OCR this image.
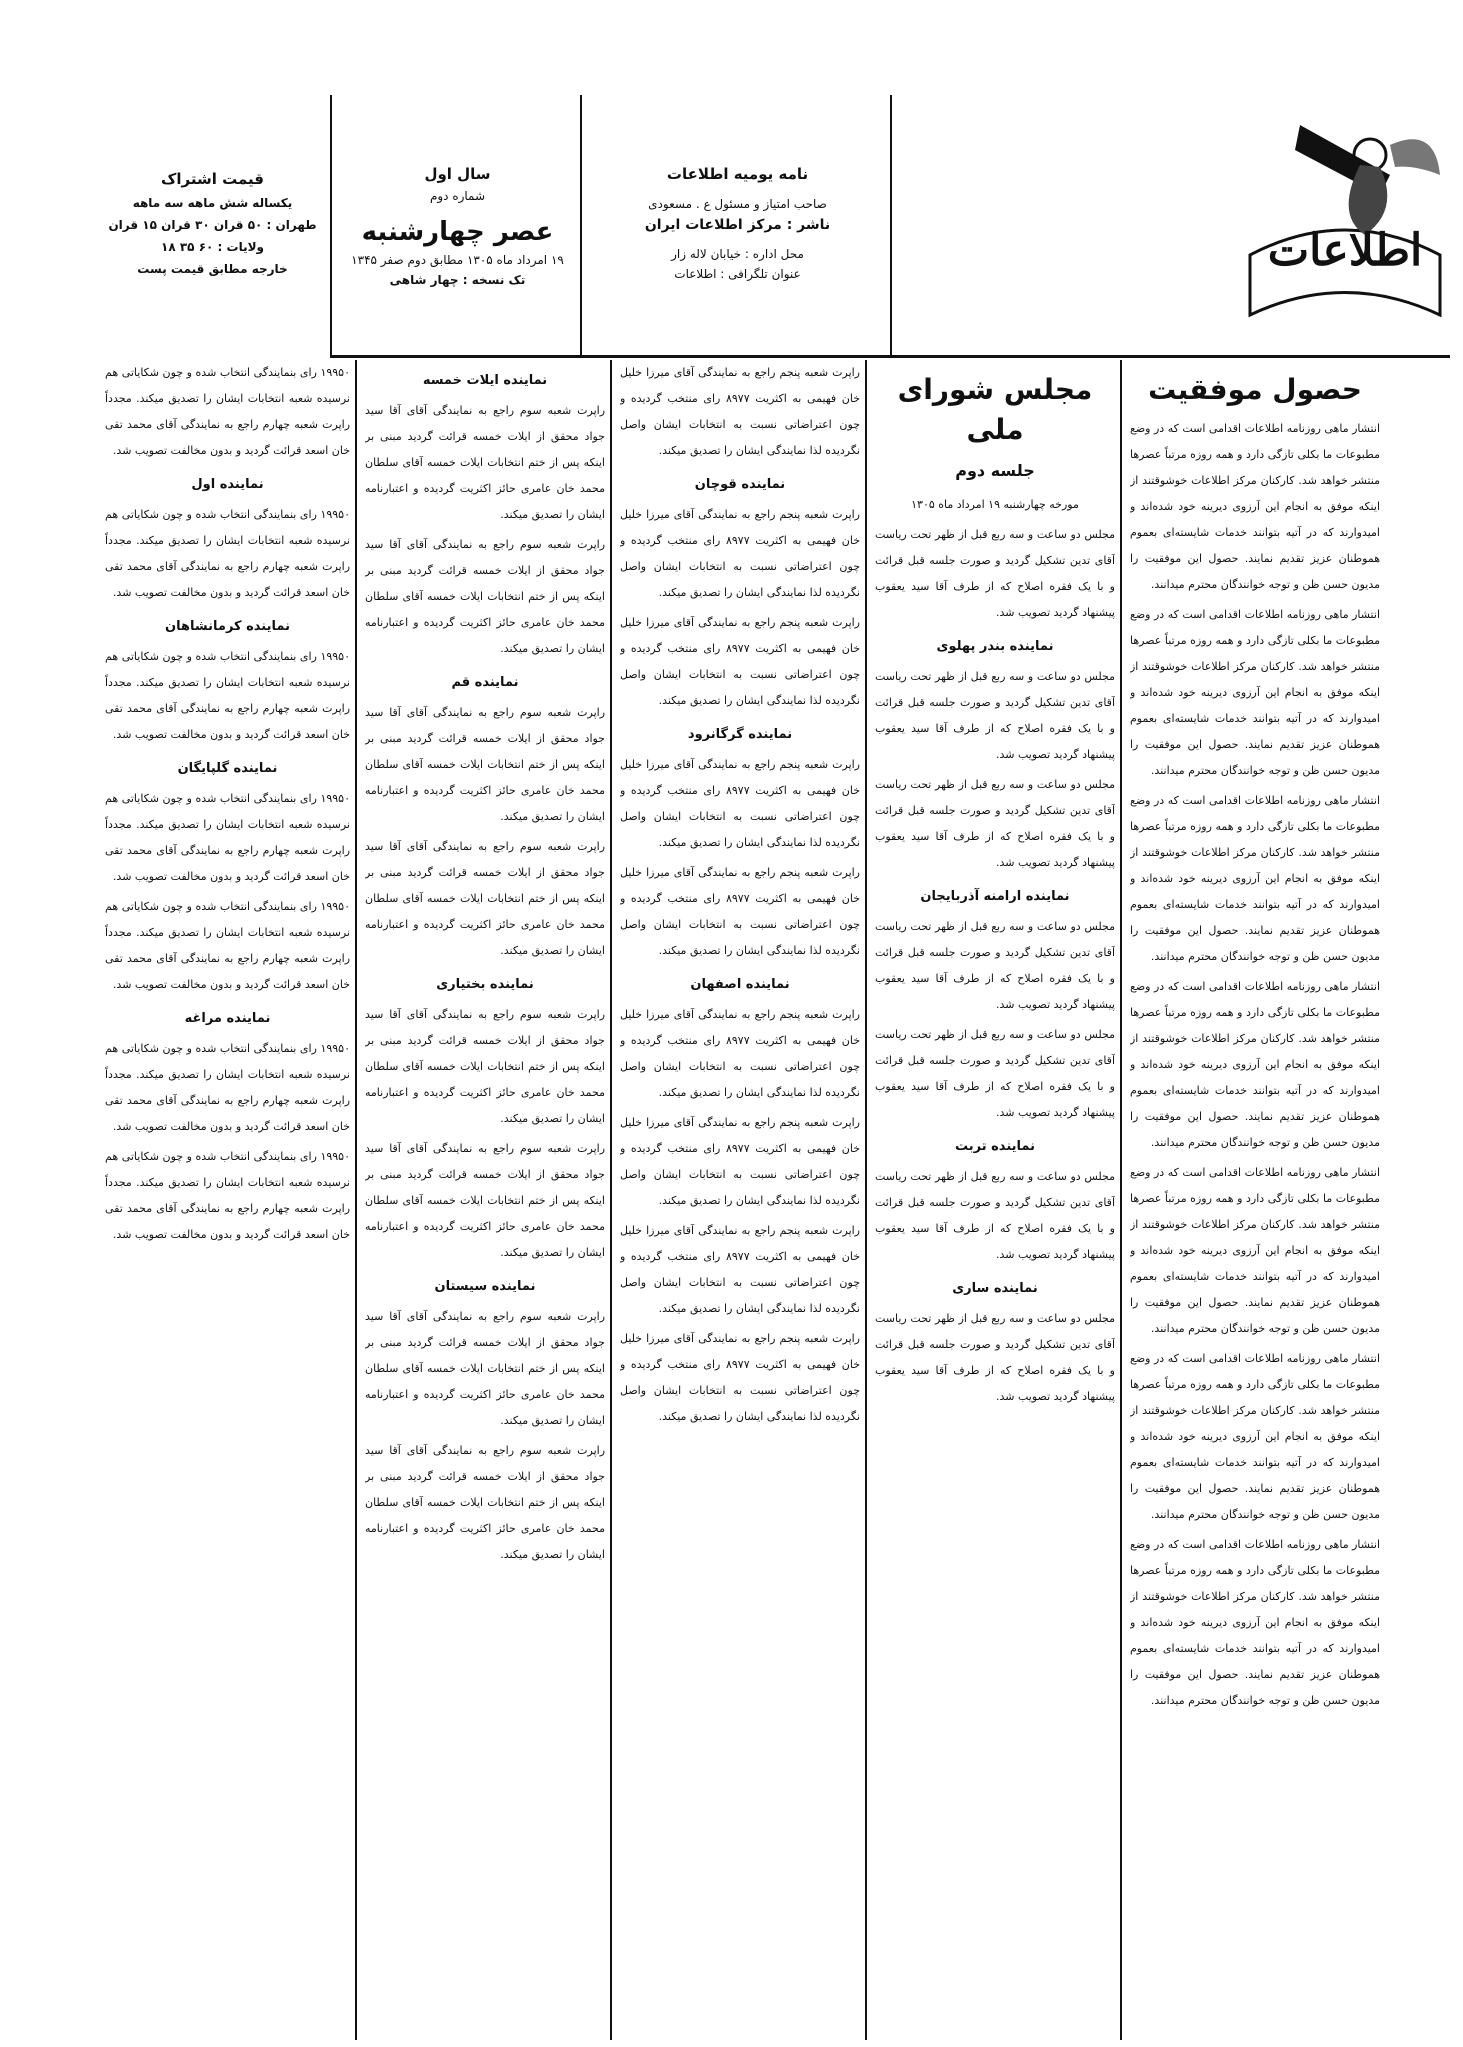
قیمت اشتراک
یکساله شش ماهه سه ماهه
طهران : ۵۰ قران ۳۰ قران ۱۵ قران
ولایات : ۶۰ ۳۵ ۱۸
خارجه مطابق قیمت پست
سال اول
شماره دوم
عصر چهارشنبه
۱۹ امرداد ماه ۱۳۰۵ مطابق دوم صفر ۱۳۴۵
تک نسخه : چهار شاهی
نامه یومیه اطلاعات
صاحب امتیاز و مسئول ع . مسعودی
ناشر : مرکز اطلاعات ایران
محل اداره : خیابان لاله زار
عنوان تلگرافی : اطلاعات	اطلاعات
حصول موفقیت

انتشار ماهی روزنامه اطلاعات اقدامی است که در وضع مطبوعات ما بکلی تازگی دارد و همه روزه مرتباً عصرها منتشر خواهد شد. کارکنان مرکز اطلاعات خوشوقتند از اینکه موفق به انجام این آرزوی دیرینه خود شده‌اند و امیدوارند که در آتیه بتوانند خدمات شایسته‌ای بعموم هموطنان عزیز تقدیم نمایند. حصول این موفقیت را مدیون حسن ظن و توجه خوانندگان محترم میدانند.

انتشار ماهی روزنامه اطلاعات اقدامی است که در وضع مطبوعات ما بکلی تازگی دارد و همه روزه مرتباً عصرها منتشر خواهد شد. کارکنان مرکز اطلاعات خوشوقتند از اینکه موفق به انجام این آرزوی دیرینه خود شده‌اند و امیدوارند که در آتیه بتوانند خدمات شایسته‌ای بعموم هموطنان عزیز تقدیم نمایند. حصول این موفقیت را مدیون حسن ظن و توجه خوانندگان محترم میدانند.

انتشار ماهی روزنامه اطلاعات اقدامی است که در وضع مطبوعات ما بکلی تازگی دارد و همه روزه مرتباً عصرها منتشر خواهد شد. کارکنان مرکز اطلاعات خوشوقتند از اینکه موفق به انجام این آرزوی دیرینه خود شده‌اند و امیدوارند که در آتیه بتوانند خدمات شایسته‌ای بعموم هموطنان عزیز تقدیم نمایند. حصول این موفقیت را مدیون حسن ظن و توجه خوانندگان محترم میدانند.

انتشار ماهی روزنامه اطلاعات اقدامی است که در وضع مطبوعات ما بکلی تازگی دارد و همه روزه مرتباً عصرها منتشر خواهد شد. کارکنان مرکز اطلاعات خوشوقتند از اینکه موفق به انجام این آرزوی دیرینه خود شده‌اند و امیدوارند که در آتیه بتوانند خدمات شایسته‌ای بعموم هموطنان عزیز تقدیم نمایند. حصول این موفقیت را مدیون حسن ظن و توجه خوانندگان محترم میدانند.

انتشار ماهی روزنامه اطلاعات اقدامی است که در وضع مطبوعات ما بکلی تازگی دارد و همه روزه مرتباً عصرها منتشر خواهد شد. کارکنان مرکز اطلاعات خوشوقتند از اینکه موفق به انجام این آرزوی دیرینه خود شده‌اند و امیدوارند که در آتیه بتوانند خدمات شایسته‌ای بعموم هموطنان عزیز تقدیم نمایند. حصول این موفقیت را مدیون حسن ظن و توجه خوانندگان محترم میدانند.

انتشار ماهی روزنامه اطلاعات اقدامی است که در وضع مطبوعات ما بکلی تازگی دارد و همه روزه مرتباً عصرها منتشر خواهد شد. کارکنان مرکز اطلاعات خوشوقتند از اینکه موفق به انجام این آرزوی دیرینه خود شده‌اند و امیدوارند که در آتیه بتوانند خدمات شایسته‌ای بعموم هموطنان عزیز تقدیم نمایند. حصول این موفقیت را مدیون حسن ظن و توجه خوانندگان محترم میدانند.

انتشار ماهی روزنامه اطلاعات اقدامی است که در وضع مطبوعات ما بکلی تازگی دارد و همه روزه مرتباً عصرها منتشر خواهد شد. کارکنان مرکز اطلاعات خوشوقتند از اینکه موفق به انجام این آرزوی دیرینه خود شده‌اند و امیدوارند که در آتیه بتوانند خدمات شایسته‌ای بعموم هموطنان عزیز تقدیم نمایند. حصول این موفقیت را مدیون حسن ظن و توجه خوانندگان محترم میدانند.

مجلس شورای ملی
جلسه دوم
مورخه چهارشنبه ۱۹ امرداد ماه ۱۳۰۵

مجلس دو ساعت و سه ربع قبل از ظهر تحت ریاست آقای تدین تشکیل گردید و صورت جلسه قبل قرائت و با یک فقره اصلاح که از طرف آقا سید یعقوب پیشنهاد گردید تصویب شد.

نماینده بندر پهلوی

مجلس دو ساعت و سه ربع قبل از ظهر تحت ریاست آقای تدین تشکیل گردید و صورت جلسه قبل قرائت و با یک فقره اصلاح که از طرف آقا سید یعقوب پیشنهاد گردید تصویب شد.

مجلس دو ساعت و سه ربع قبل از ظهر تحت ریاست آقای تدین تشکیل گردید و صورت جلسه قبل قرائت و با یک فقره اصلاح که از طرف آقا سید یعقوب پیشنهاد گردید تصویب شد.

نماینده ارامنه آذربایجان

مجلس دو ساعت و سه ربع قبل از ظهر تحت ریاست آقای تدین تشکیل گردید و صورت جلسه قبل قرائت و با یک فقره اصلاح که از طرف آقا سید یعقوب پیشنهاد گردید تصویب شد.

مجلس دو ساعت و سه ربع قبل از ظهر تحت ریاست آقای تدین تشکیل گردید و صورت جلسه قبل قرائت و با یک فقره اصلاح که از طرف آقا سید یعقوب پیشنهاد گردید تصویب شد.

نماینده تربت

مجلس دو ساعت و سه ربع قبل از ظهر تحت ریاست آقای تدین تشکیل گردید و صورت جلسه قبل قرائت و با یک فقره اصلاح که از طرف آقا سید یعقوب پیشنهاد گردید تصویب شد.

نماینده ساری

مجلس دو ساعت و سه ربع قبل از ظهر تحت ریاست آقای تدین تشکیل گردید و صورت جلسه قبل قرائت و با یک فقره اصلاح که از طرف آقا سید یعقوب پیشنهاد گردید تصویب شد.

راپرت شعبه پنجم راجع به نمایندگی آقای میرزا خلیل خان فهیمی به اکثریت ۸۹۷۷ رای منتخب گردیده و چون اعتراضاتی نسبت به انتخابات ایشان واصل نگردیده لذا نمایندگی ایشان را تصدیق میکند.

نماینده قوچان

راپرت شعبه پنجم راجع به نمایندگی آقای میرزا خلیل خان فهیمی به اکثریت ۸۹۷۷ رای منتخب گردیده و چون اعتراضاتی نسبت به انتخابات ایشان واصل نگردیده لذا نمایندگی ایشان را تصدیق میکند.

راپرت شعبه پنجم راجع به نمایندگی آقای میرزا خلیل خان فهیمی به اکثریت ۸۹۷۷ رای منتخب گردیده و چون اعتراضاتی نسبت به انتخابات ایشان واصل نگردیده لذا نمایندگی ایشان را تصدیق میکند.

نماینده گرگانرود

راپرت شعبه پنجم راجع به نمایندگی آقای میرزا خلیل خان فهیمی به اکثریت ۸۹۷۷ رای منتخب گردیده و چون اعتراضاتی نسبت به انتخابات ایشان واصل نگردیده لذا نمایندگی ایشان را تصدیق میکند.

راپرت شعبه پنجم راجع به نمایندگی آقای میرزا خلیل خان فهیمی به اکثریت ۸۹۷۷ رای منتخب گردیده و چون اعتراضاتی نسبت به انتخابات ایشان واصل نگردیده لذا نمایندگی ایشان را تصدیق میکند.

نماینده اصفهان

راپرت شعبه پنجم راجع به نمایندگی آقای میرزا خلیل خان فهیمی به اکثریت ۸۹۷۷ رای منتخب گردیده و چون اعتراضاتی نسبت به انتخابات ایشان واصل نگردیده لذا نمایندگی ایشان را تصدیق میکند.

راپرت شعبه پنجم راجع به نمایندگی آقای میرزا خلیل خان فهیمی به اکثریت ۸۹۷۷ رای منتخب گردیده و چون اعتراضاتی نسبت به انتخابات ایشان واصل نگردیده لذا نمایندگی ایشان را تصدیق میکند.

راپرت شعبه پنجم راجع به نمایندگی آقای میرزا خلیل خان فهیمی به اکثریت ۸۹۷۷ رای منتخب گردیده و چون اعتراضاتی نسبت به انتخابات ایشان واصل نگردیده لذا نمایندگی ایشان را تصدیق میکند.

راپرت شعبه پنجم راجع به نمایندگی آقای میرزا خلیل خان فهیمی به اکثریت ۸۹۷۷ رای منتخب گردیده و چون اعتراضاتی نسبت به انتخابات ایشان واصل نگردیده لذا نمایندگی ایشان را تصدیق میکند.

نماینده ایلات خمسه

راپرت شعبه سوم راجع به نمایندگی آقای آقا سید جواد محقق از ایلات خمسه قرائت گردید مبنی بر اینکه پس از ختم انتخابات ایلات خمسه آقای سلطان محمد خان عامری حائز اکثریت گردیده و اعتبارنامه ایشان را تصدیق میکند.

راپرت شعبه سوم راجع به نمایندگی آقای آقا سید جواد محقق از ایلات خمسه قرائت گردید مبنی بر اینکه پس از ختم انتخابات ایلات خمسه آقای سلطان محمد خان عامری حائز اکثریت گردیده و اعتبارنامه ایشان را تصدیق میکند.

نماینده قم

راپرت شعبه سوم راجع به نمایندگی آقای آقا سید جواد محقق از ایلات خمسه قرائت گردید مبنی بر اینکه پس از ختم انتخابات ایلات خمسه آقای سلطان محمد خان عامری حائز اکثریت گردیده و اعتبارنامه ایشان را تصدیق میکند.

راپرت شعبه سوم راجع به نمایندگی آقای آقا سید جواد محقق از ایلات خمسه قرائت گردید مبنی بر اینکه پس از ختم انتخابات ایلات خمسه آقای سلطان محمد خان عامری حائز اکثریت گردیده و اعتبارنامه ایشان را تصدیق میکند.

نماینده بختیاری

راپرت شعبه سوم راجع به نمایندگی آقای آقا سید جواد محقق از ایلات خمسه قرائت گردید مبنی بر اینکه پس از ختم انتخابات ایلات خمسه آقای سلطان محمد خان عامری حائز اکثریت گردیده و اعتبارنامه ایشان را تصدیق میکند.

راپرت شعبه سوم راجع به نمایندگی آقای آقا سید جواد محقق از ایلات خمسه قرائت گردید مبنی بر اینکه پس از ختم انتخابات ایلات خمسه آقای سلطان محمد خان عامری حائز اکثریت گردیده و اعتبارنامه ایشان را تصدیق میکند.

نماینده سیستان

راپرت شعبه سوم راجع به نمایندگی آقای آقا سید جواد محقق از ایلات خمسه قرائت گردید مبنی بر اینکه پس از ختم انتخابات ایلات خمسه آقای سلطان محمد خان عامری حائز اکثریت گردیده و اعتبارنامه ایشان را تصدیق میکند.

راپرت شعبه سوم راجع به نمایندگی آقای آقا سید جواد محقق از ایلات خمسه قرائت گردید مبنی بر اینکه پس از ختم انتخابات ایلات خمسه آقای سلطان محمد خان عامری حائز اکثریت گردیده و اعتبارنامه ایشان را تصدیق میکند.

۱۹۹۵۰ رای بنمایندگی انتخاب شده و چون شکایاتی هم نرسیده شعبه انتخابات ایشان را تصدیق میکند. مجدداً راپرت شعبه چهارم راجع به نمایندگی آقای محمد تقی خان اسعد قرائت گردید و بدون مخالفت تصویب شد.

نماینده اول

۱۹۹۵۰ رای بنمایندگی انتخاب شده و چون شکایاتی هم نرسیده شعبه انتخابات ایشان را تصدیق میکند. مجدداً راپرت شعبه چهارم راجع به نمایندگی آقای محمد تقی خان اسعد قرائت گردید و بدون مخالفت تصویب شد.

نماینده کرمانشاهان

۱۹۹۵۰ رای بنمایندگی انتخاب شده و چون شکایاتی هم نرسیده شعبه انتخابات ایشان را تصدیق میکند. مجدداً راپرت شعبه چهارم راجع به نمایندگی آقای محمد تقی خان اسعد قرائت گردید و بدون مخالفت تصویب شد.

نماینده گلپایگان

۱۹۹۵۰ رای بنمایندگی انتخاب شده و چون شکایاتی هم نرسیده شعبه انتخابات ایشان را تصدیق میکند. مجدداً راپرت شعبه چهارم راجع به نمایندگی آقای محمد تقی خان اسعد قرائت گردید و بدون مخالفت تصویب شد.

۱۹۹۵۰ رای بنمایندگی انتخاب شده و چون شکایاتی هم نرسیده شعبه انتخابات ایشان را تصدیق میکند. مجدداً راپرت شعبه چهارم راجع به نمایندگی آقای محمد تقی خان اسعد قرائت گردید و بدون مخالفت تصویب شد.

نماینده مراغه

۱۹۹۵۰ رای بنمایندگی انتخاب شده و چون شکایاتی هم نرسیده شعبه انتخابات ایشان را تصدیق میکند. مجدداً راپرت شعبه چهارم راجع به نمایندگی آقای محمد تقی خان اسعد قرائت گردید و بدون مخالفت تصویب شد.

۱۹۹۵۰ رای بنمایندگی انتخاب شده و چون شکایاتی هم نرسیده شعبه انتخابات ایشان را تصدیق میکند. مجدداً راپرت شعبه چهارم راجع به نمایندگی آقای محمد تقی خان اسعد قرائت گردید و بدون مخالفت تصویب شد.
